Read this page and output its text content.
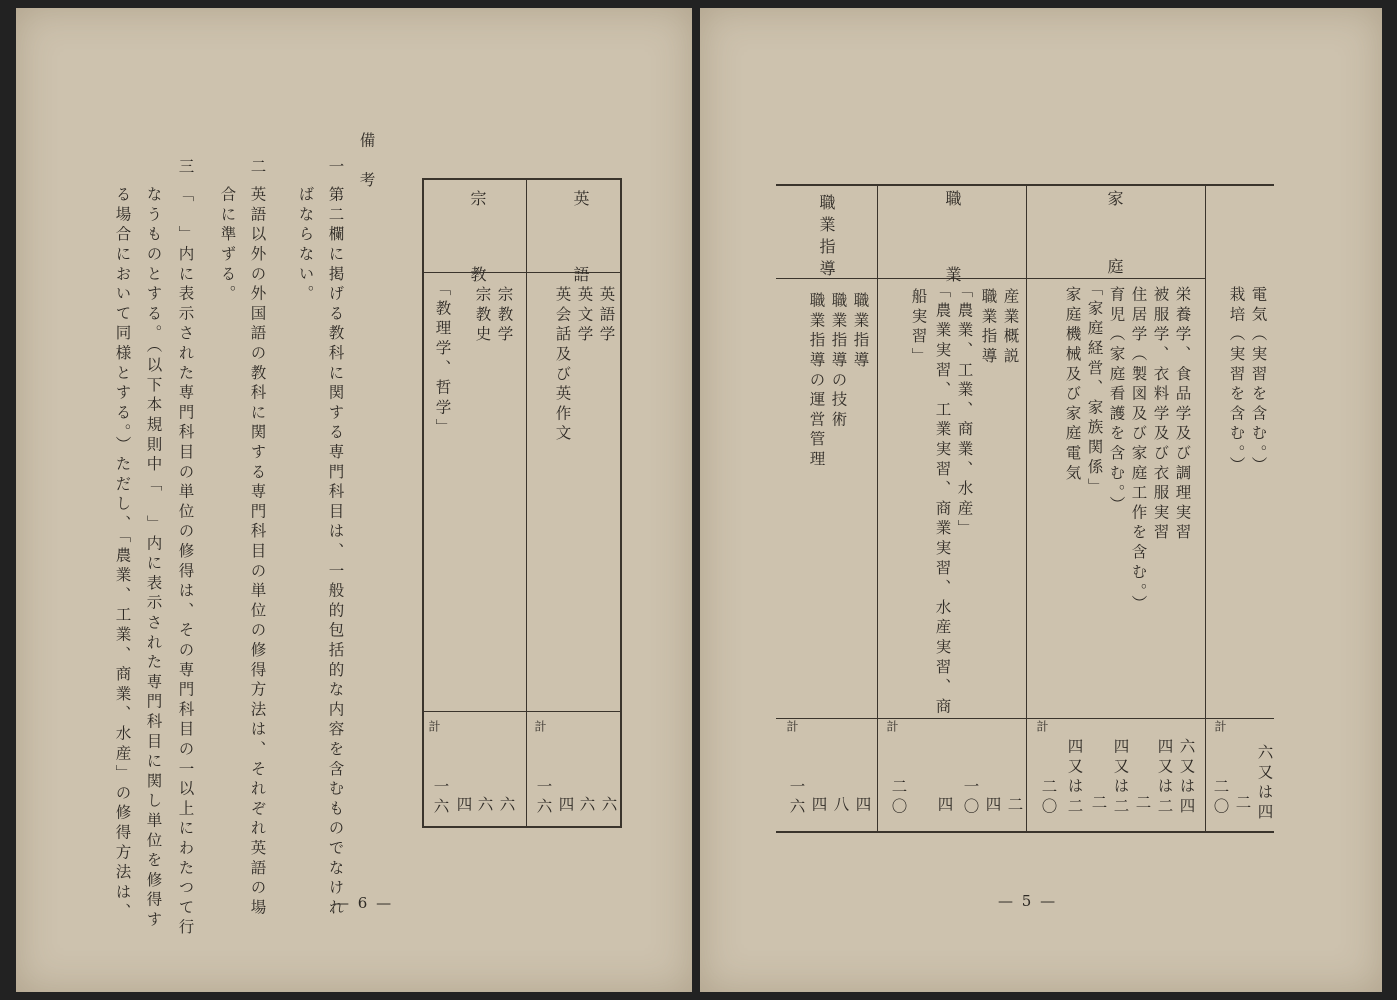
備　考
一
第二欄に掲げる教科に関する専門科目は、一般的包括的な内容を含むものでなけれ
ばならない。
二
英語以外の外国語の教科に関する専門科目の単位の修得方法は、それぞれ英語の場
合に準ずる。
三
「　」内に表示された専門科目の単位の修得は、その専門科目の一以上にわたつて行
なうものとする。（以下本規則中「　」内に表示された専門科目に関し単位を修得す
る場合において同様とする。）ただし、「農業、工業、商業、水産」の修得方法は、	英　語
英語学
英文学
英会話及び英作文
計
六
六
四
一六
宗　教
宗教学
宗教史
「教理学、哲学」
計
六
六
四
一六
— 6 —
電気（実習を含む。）
栽培（実習を含む。）
計
六又は四
二
二〇
家　庭
栄養学、食品学及び調理実習
被服学、衣料学及び衣服実習
住居学（製図及び家庭工作を含む。）
育児（家庭看護を含む。）
「家庭経営、家族関係」
家庭機械及び家庭電気
計
六又は四
四又は二
二
四又は二
二
四又は二
二〇
職　業
産業概説
職業指導
「農業、工業、商業、水産」
「農業実習、工業実習、商業実習、水産実習、商
船実習」
計
二
四
一〇
四
二〇
職業指導
職業指導
職業指導の技術
職業指導の運営管理
計
四
八
四
一六
— 5 —
